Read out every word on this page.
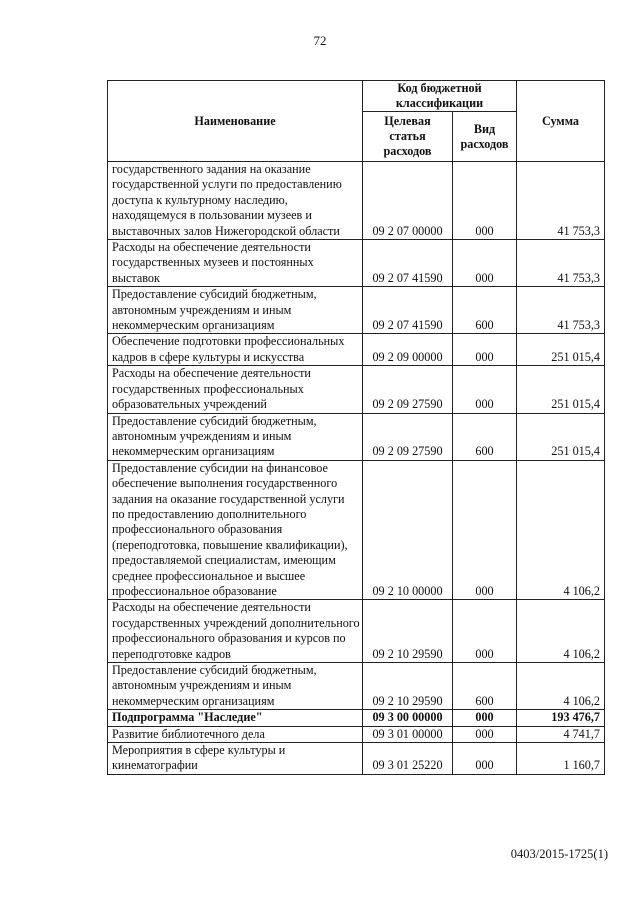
72
Наименование	Код бюджетной классификации		Сумма
	Целевая статья расходов	Вид расходов	
государственного задания на оказание государственной услуги по предоставлению доступа к культурному наследию, находящемуся в пользовании музеев и выставочных залов Нижегородской области	09 2 07 00000	000	41 753,3
Расходы на обеспечение деятельности государственных музеев и постоянных выставок	09 2 07 41590	000	41 753,3
Предоставление субсидий бюджетным, автономным учреждениям и иным некоммерческим организациям	09 2 07 41590	600	41 753,3
Обеспечение подготовки профессиональных кадров в сфере культуры и искусства	09 2 09 00000	000	251 015,4
Расходы на обеспечение деятельности государственных профессиональных образовательных учреждений	09 2 09 27590	000	251 015,4
Предоставление субсидий бюджетным, автономным учреждениям и иным некоммерческим организациям	09 2 09 27590	600	251 015,4
Предоставление субсидии на финансовое обеспечение выполнения государственного задания на оказание государственной услуги по предоставлению дополнительного профессионального образования (переподготовка, повышение квалификации), предоставляемой специалистам, имеющим среднее профессиональное и высшее профессиональное образование	09 2 10 00000	000	4 106,2
Расходы на обеспечение деятельности государственных учреждений дополнительного профессионального образования и курсов по переподготовке кадров	09 2 10 29590	000	4 106,2
Предоставление субсидий бюджетным, автономным учреждениям и иным некоммерческим организациям	09 2 10 29590	600	4 106,2
Подпрограмма "Наследие"	09 3 00 00000	000	193 476,7
Развитие библиотечного дела	09 3 01 00000	000	4 741,7
Мероприятия в сфере культуры и кинематографии	09 3 01 25220	000	1 160,7
0403/2015-1725(1)
